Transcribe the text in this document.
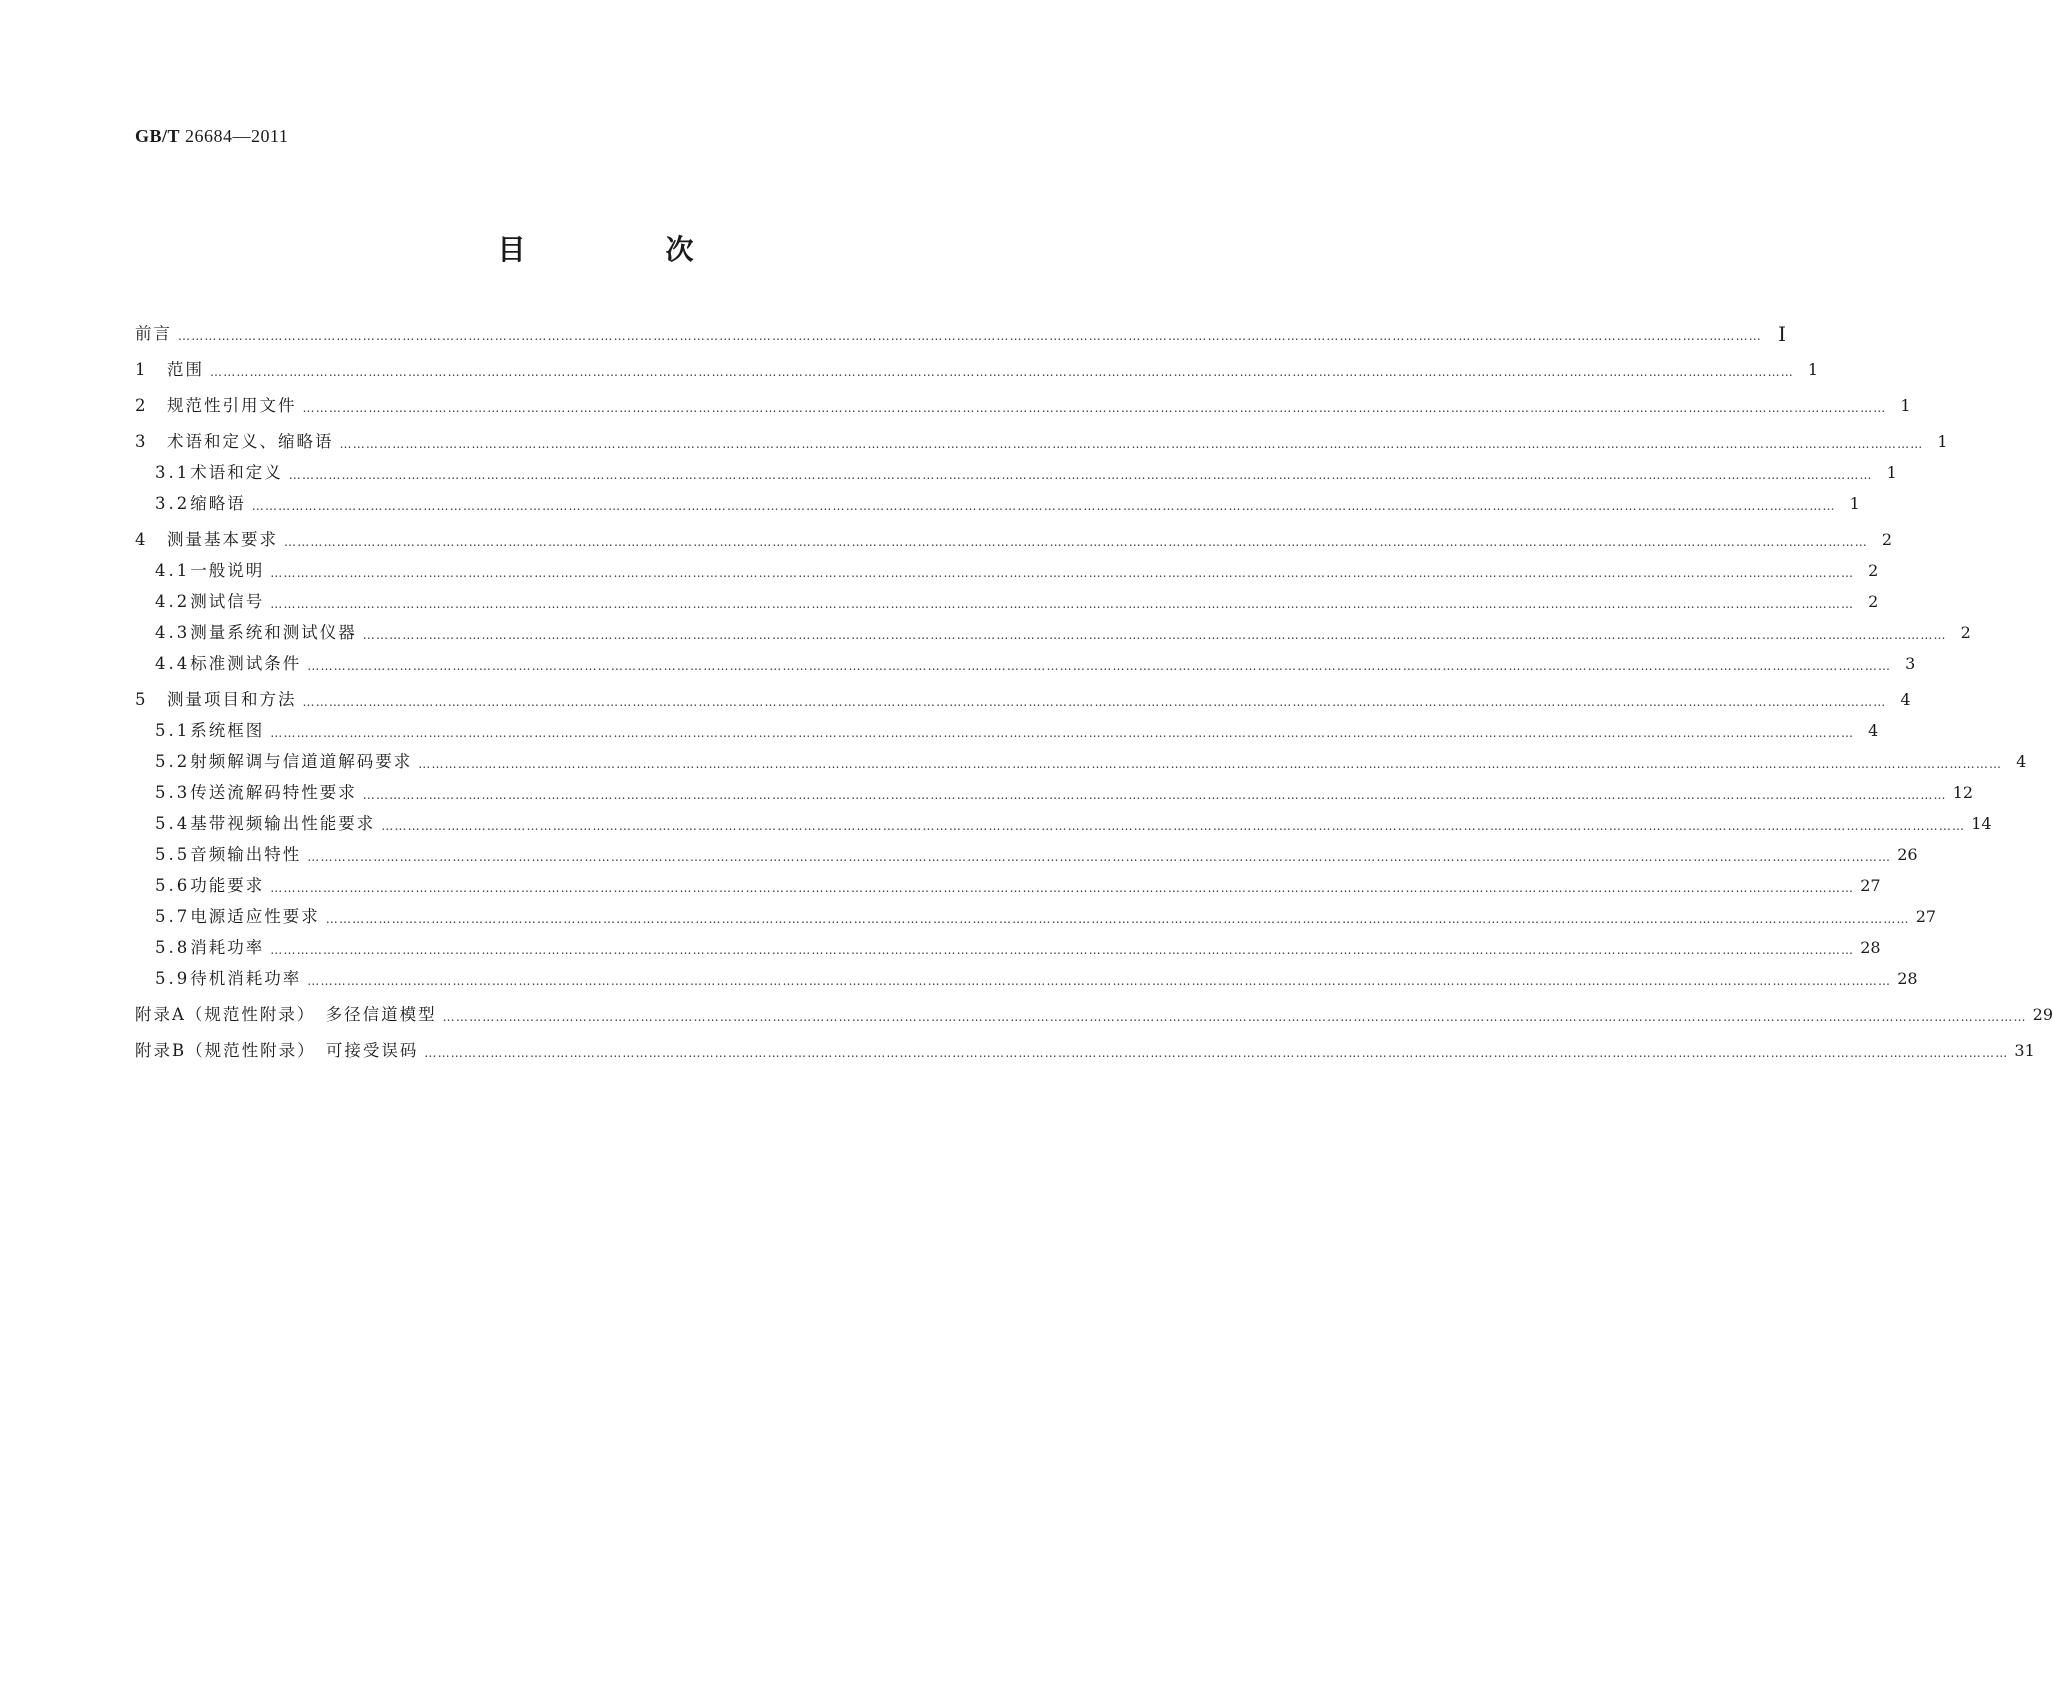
GB/T 26684—2011
目　次
前言 ……………………………………………………………………………………………………………………………………………………………………………………………………………………………………………………………………………………………………………………………… Ⅰ
1	范围 ……………………………………………………………………………………………………………………………………………………………………………………………………………………………………………………………………………………………………………………………… 1
2	规范性引用文件 ……………………………………………………………………………………………………………………………………………………………………………………………………………………………………………………………………………………………………………………………… 1
3	术语和定义、缩略语 ……………………………………………………………………………………………………………………………………………………………………………………………………………………………………………………………………………………………………………………………… 1
3.1 术语和定义 ……………………………………………………………………………………………………………………………………………………………………………………………………………………………………………………………………………………………………………………………… 1
3.2 缩略语 ……………………………………………………………………………………………………………………………………………………………………………………………………………………………………………………………………………………………………………………………… 1
4	测量基本要求 ……………………………………………………………………………………………………………………………………………………………………………………………………………………………………………………………………………………………………………………………… 2
4.1 一般说明 ……………………………………………………………………………………………………………………………………………………………………………………………………………………………………………………………………………………………………………………………… 2
4.2 测试信号 ……………………………………………………………………………………………………………………………………………………………………………………………………………………………………………………………………………………………………………………………… 2
4.3 测量系统和测试仪器 ……………………………………………………………………………………………………………………………………………………………………………………………………………………………………………………………………………………………………………………………… 2
4.4 标准测试条件 ……………………………………………………………………………………………………………………………………………………………………………………………………………………………………………………………………………………………………………………………… 3
5	测量项目和方法 ……………………………………………………………………………………………………………………………………………………………………………………………………………………………………………………………………………………………………………………………… 4
5.1 系统框图 ……………………………………………………………………………………………………………………………………………………………………………………………………………………………………………………………………………………………………………………………… 4
5.2 射频解调与信道道解码要求 ……………………………………………………………………………………………………………………………………………………………………………………………………………………………………………………………………………………………………………………………… 4
5.3 传送流解码特性要求 ……………………………………………………………………………………………………………………………………………………………………………………………………………………………………………………………………………………………………………………………… 12
5.4 基带视频输出性能要求 ……………………………………………………………………………………………………………………………………………………………………………………………………………………………………………………………………………………………………………………………… 14
5.5 音频输出特性 ……………………………………………………………………………………………………………………………………………………………………………………………………………………………………………………………………………………………………………………………… 26
5.6 功能要求 ……………………………………………………………………………………………………………………………………………………………………………………………………………………………………………………………………………………………………………………………… 27
5.7 电源适应性要求 ……………………………………………………………………………………………………………………………………………………………………………………………………………………………………………………………………………………………………………………………… 27
5.8 消耗功率 ……………………………………………………………………………………………………………………………………………………………………………………………………………………………………………………………………………………………………………………………… 28
5.9 待机消耗功率 ……………………………………………………………………………………………………………………………………………………………………………………………………………………………………………………………………………………………………………………………… 28
附录A（规范性附录）　多径信道模型 ……………………………………………………………………………………………………………………………………………………………………………………………………………………………………………………………………………………………………………………………… 29
附录B（规范性附录）　可接受误码 ……………………………………………………………………………………………………………………………………………………………………………………………………………………………………………………………………………………………………………………………… 31
